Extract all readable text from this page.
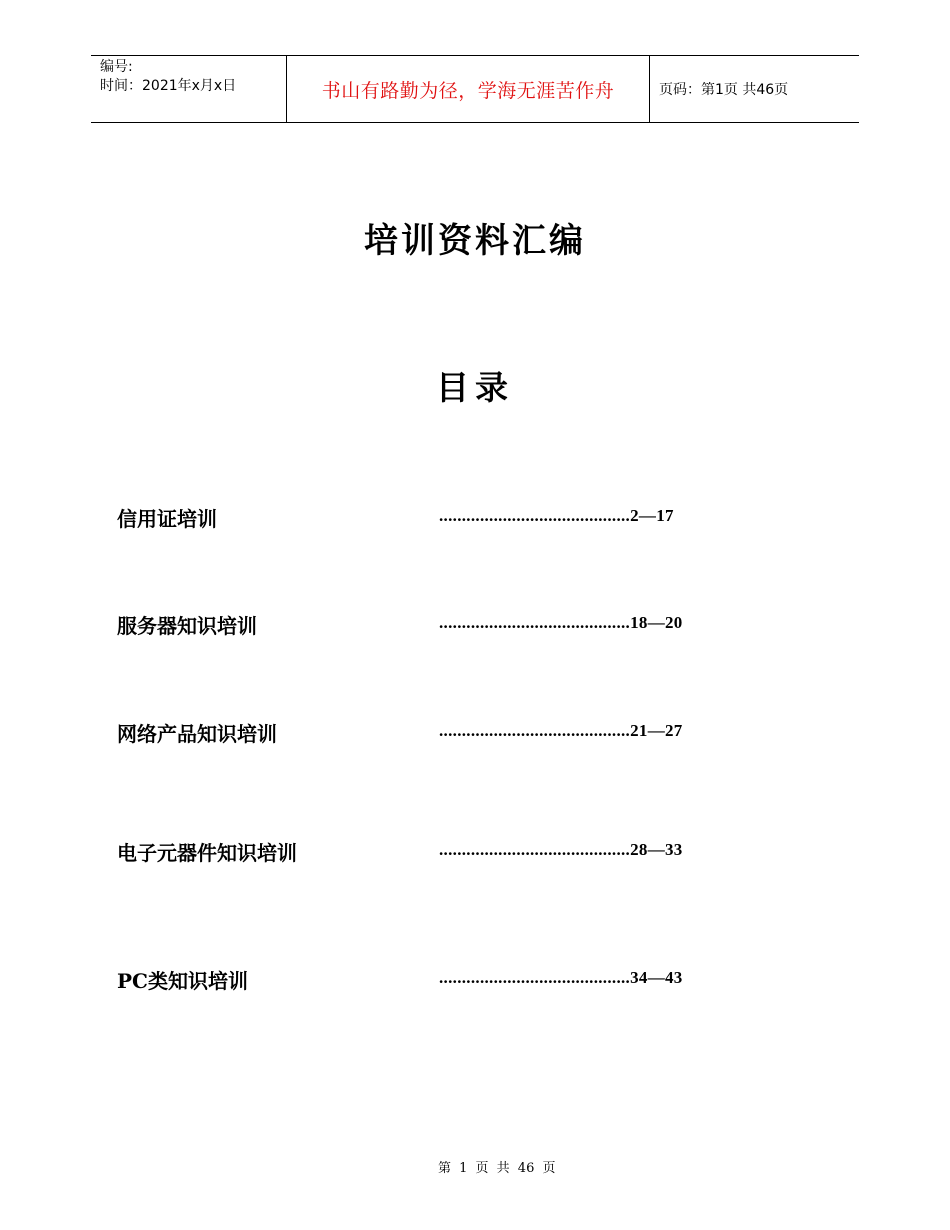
编号:
时间：2021年x月x日	书山有路勤为径，学海无涯苦作舟	页码：第1页 共46页
培训资料汇编
目录
信用证培训	..........................................2—17
服务器知识培训	..........................................18—20
网络产品知识培训	..........................................21—27
电子元器件知识培训	..........................................28—33
PC类知识培训	..........................................34—43
第 1 页 共 46 页
